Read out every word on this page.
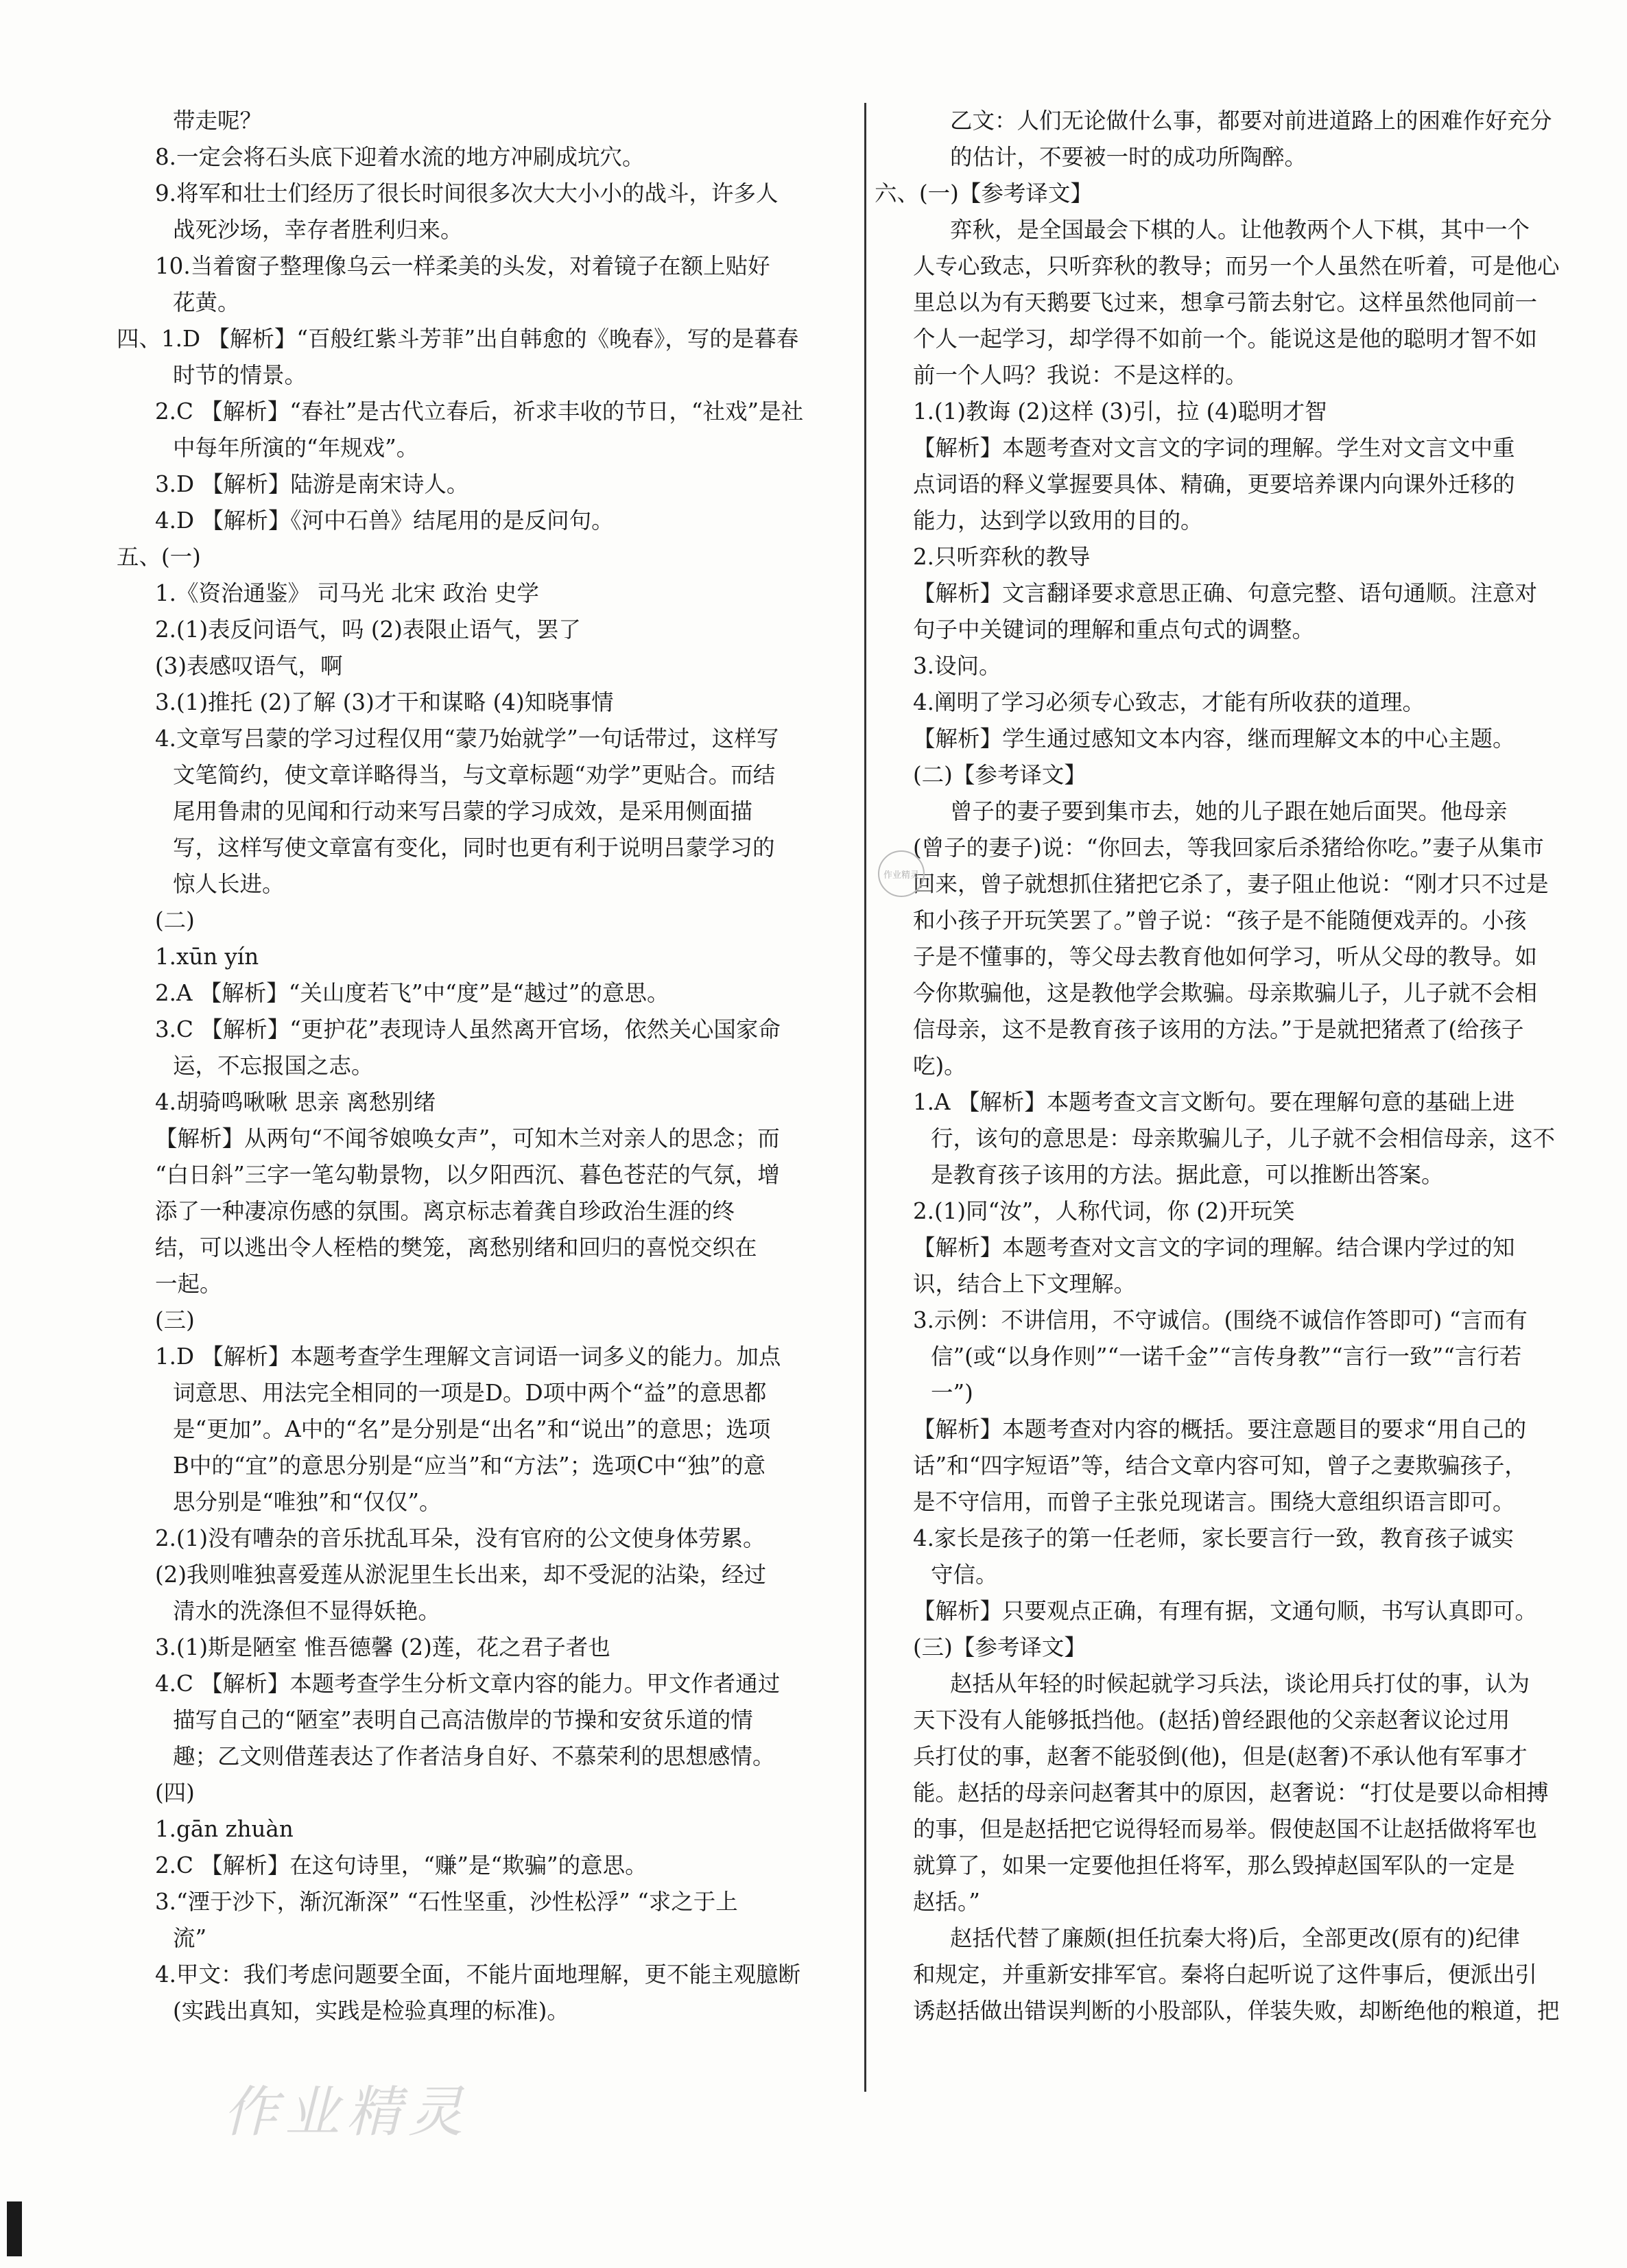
带走呢？
8.一定会将石头底下迎着水流的地方冲刷成坑穴。
9.将军和壮士们经历了很长时间很多次大大小小的战斗，许多人
战死沙场，幸存者胜利归来。
10.当着窗子整理像乌云一样柔美的头发，对着镜子在额上贴好
花黄。
四、1.D 【解析】“百般红紫斗芳菲”出自韩愈的《晚春》，写的是暮春
时节的情景。
2.C 【解析】“春社”是古代立春后，祈求丰收的节日，“社戏”是社
中每年所演的“年规戏”。
3.D 【解析】陆游是南宋诗人。
4.D 【解析】《河中石兽》结尾用的是反问句。
五、(一)
1.《资治通鉴》 司马光 北宋 政治 史学
2.(1)表反问语气，吗 (2)表限止语气，罢了
(3)表感叹语气，啊
3.(1)推托 (2)了解 (3)才干和谋略 (4)知晓事情
4.文章写吕蒙的学习过程仅用“蒙乃始就学”一句话带过，这样写
文笔简约，使文章详略得当，与文章标题“劝学”更贴合。而结
尾用鲁肃的见闻和行动来写吕蒙的学习成效，是采用侧面描
写，这样写使文章富有变化，同时也更有利于说明吕蒙学习的
惊人长进。
(二)
1.xūn yín
2.A 【解析】“关山度若飞”中“度”是“越过”的意思。
3.C 【解析】“更护花”表现诗人虽然离开官场，依然关心国家命
运，不忘报国之志。
4.胡骑鸣啾啾 思亲 离愁别绪
【解析】从两句“不闻爷娘唤女声”，可知木兰对亲人的思念；而
“白日斜”三字一笔勾勒景物，以夕阳西沉、暮色苍茫的气氛，增
添了一种凄凉伤感的氛围。离京标志着龚自珍政治生涯的终
结，可以逃出令人桎梏的樊笼，离愁别绪和回归的喜悦交织在
一起。
(三)
1.D 【解析】本题考查学生理解文言词语一词多义的能力。加点
词意思、用法完全相同的一项是D。D项中两个“益”的意思都
是“更加”。A中的“名”是分别是“出名”和“说出”的意思；选项
B中的“宜”的意思分别是“应当”和“方法”；选项C中“独”的意
思分别是“唯独”和“仅仅”。
2.(1)没有嘈杂的音乐扰乱耳朵，没有官府的公文使身体劳累。
(2)我则唯独喜爱莲从淤泥里生长出来，却不受泥的沾染，经过
清水的洗涤但不显得妖艳。
3.(1)斯是陋室 惟吾德馨 (2)莲，花之君子者也
4.C 【解析】本题考查学生分析文章内容的能力。甲文作者通过
描写自己的“陋室”表明自己高洁傲岸的节操和安贫乐道的情
趣；乙文则借莲表达了作者洁身自好、不慕荣利的思想感情。
(四)
1.gān zhuàn
2.C 【解析】在这句诗里，“赚”是“欺骗”的意思。
3.“湮于沙下，渐沉渐深” “石性坚重，沙性松浮” “求之于上
流”
4.甲文：我们考虑问题要全面，不能片面地理解，更不能主观臆断
(实践出真知，实践是检验真理的标准)。
乙文：人们无论做什么事，都要对前进道路上的困难作好充分
的估计，不要被一时的成功所陶醉。
六、(一)【参考译文】
弈秋，是全国最会下棋的人。让他教两个人下棋，其中一个
人专心致志，只听弈秋的教导；而另一个人虽然在听着，可是他心
里总以为有天鹅要飞过来，想拿弓箭去射它。这样虽然他同前一
个人一起学习，却学得不如前一个。能说这是他的聪明才智不如
前一个人吗？我说：不是这样的。
1.(1)教诲 (2)这样 (3)引，拉 (4)聪明才智
【解析】本题考查对文言文的字词的理解。学生对文言文中重
点词语的释义掌握要具体、精确，更要培养课内向课外迁移的
能力，达到学以致用的目的。
2.只听弈秋的教导
【解析】文言翻译要求意思正确、句意完整、语句通顺。注意对
句子中关键词的理解和重点句式的调整。
3.设问。
4.阐明了学习必须专心致志，才能有所收获的道理。
【解析】学生通过感知文本内容，继而理解文本的中心主题。
(二)【参考译文】
曾子的妻子要到集市去，她的儿子跟在她后面哭。他母亲
(曾子的妻子)说：“你回去，等我回家后杀猪给你吃。”妻子从集市
回来，曾子就想抓住猪把它杀了，妻子阻止他说：“刚才只不过是
和小孩子开玩笑罢了。”曾子说：“孩子是不能随便戏弄的。小孩
子是不懂事的，等父母去教育他如何学习，听从父母的教导。如
今你欺骗他，这是教他学会欺骗。母亲欺骗儿子，儿子就不会相
信母亲，这不是教育孩子该用的方法。”于是就把猪煮了(给孩子
吃)。
1.A 【解析】本题考查文言文断句。要在理解句意的基础上进
行，该句的意思是：母亲欺骗儿子，儿子就不会相信母亲，这不
是教育孩子该用的方法。据此意，可以推断出答案。
2.(1)同“汝”，人称代词，你 (2)开玩笑
【解析】本题考查对文言文的字词的理解。结合课内学过的知
识，结合上下文理解。
3.示例：不讲信用，不守诚信。(围绕不诚信作答即可) “言而有
信”(或“以身作则”“一诺千金”“言传身教”“言行一致”“言行若
一”)
【解析】本题考查对内容的概括。要注意题目的要求“用自己的
话”和“四字短语”等，结合文章内容可知，曾子之妻欺骗孩子，
是不守信用，而曾子主张兑现诺言。围绕大意组织语言即可。
4.家长是孩子的第一任老师，家长要言行一致，教育孩子诚实
守信。
【解析】只要观点正确，有理有据，文通句顺，书写认真即可。
(三)【参考译文】
赵括从年轻的时候起就学习兵法，谈论用兵打仗的事，认为
天下没有人能够抵挡他。(赵括)曾经跟他的父亲赵奢议论过用
兵打仗的事，赵奢不能驳倒(他)，但是(赵奢)不承认他有军事才
能。赵括的母亲问赵奢其中的原因，赵奢说：“打仗是要以命相搏
的事，但是赵括把它说得轻而易举。假使赵国不让赵括做将军也
就算了，如果一定要他担任将军，那么毁掉赵国军队的一定是
赵括。”
赵括代替了廉颇(担任抗秦大将)后，全部更改(原有的)纪律
和规定，并重新安排军官。秦将白起听说了这件事后，便派出引
诱赵括做出错误判断的小股部队，佯装失败，却断绝他的粮道，把
作业精灵
作业精灵
